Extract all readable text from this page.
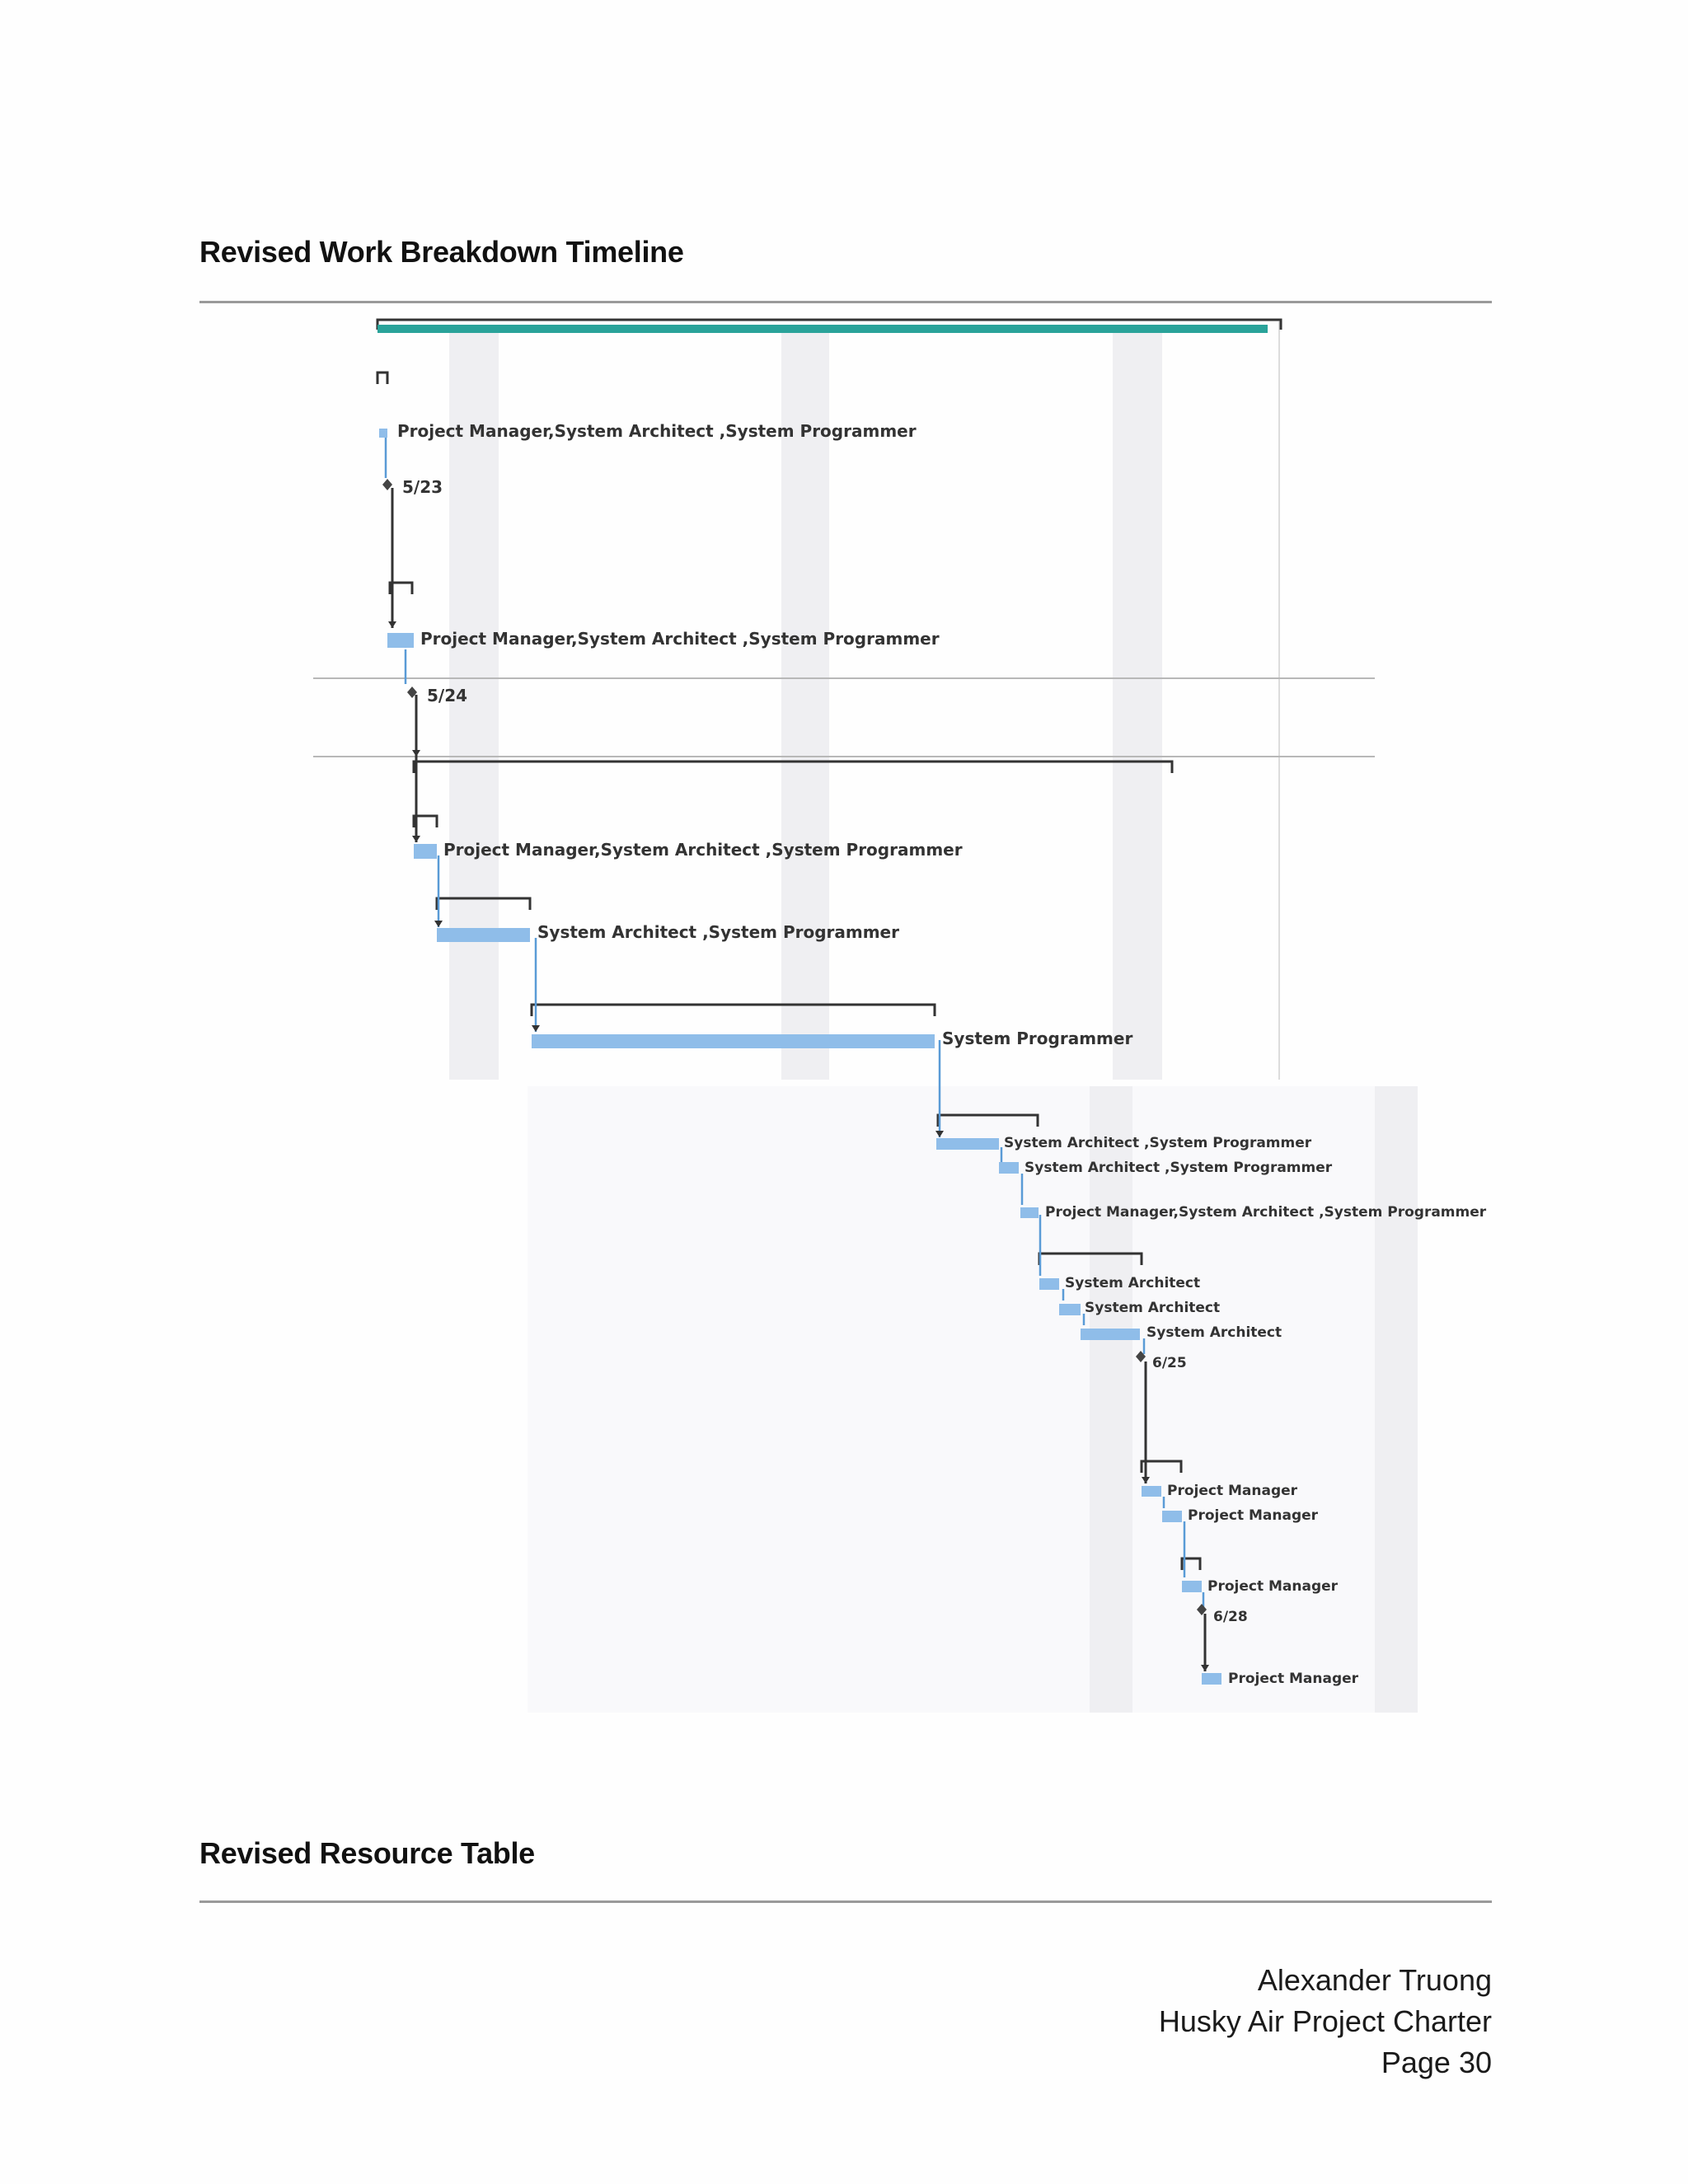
Revised Work Breakdown Timeline
Project Manager,System Architect ,System Programmer
5/23
Project Manager,System Architect ,System Programmer
5/24
Project Manager,System Architect ,System Programmer
System Architect ,System Programmer
System Programmer
System Architect ,System Programmer
System Architect ,System Programmer
Project Manager,System Architect ,System Programmer
System Architect
System Architect
System Architect
6/25
Project Manager
Project Manager
Project Manager
6/28
Project Manager
Revised Resource Table
Alexander Truong
Husky Air Project Charter
Page 30
